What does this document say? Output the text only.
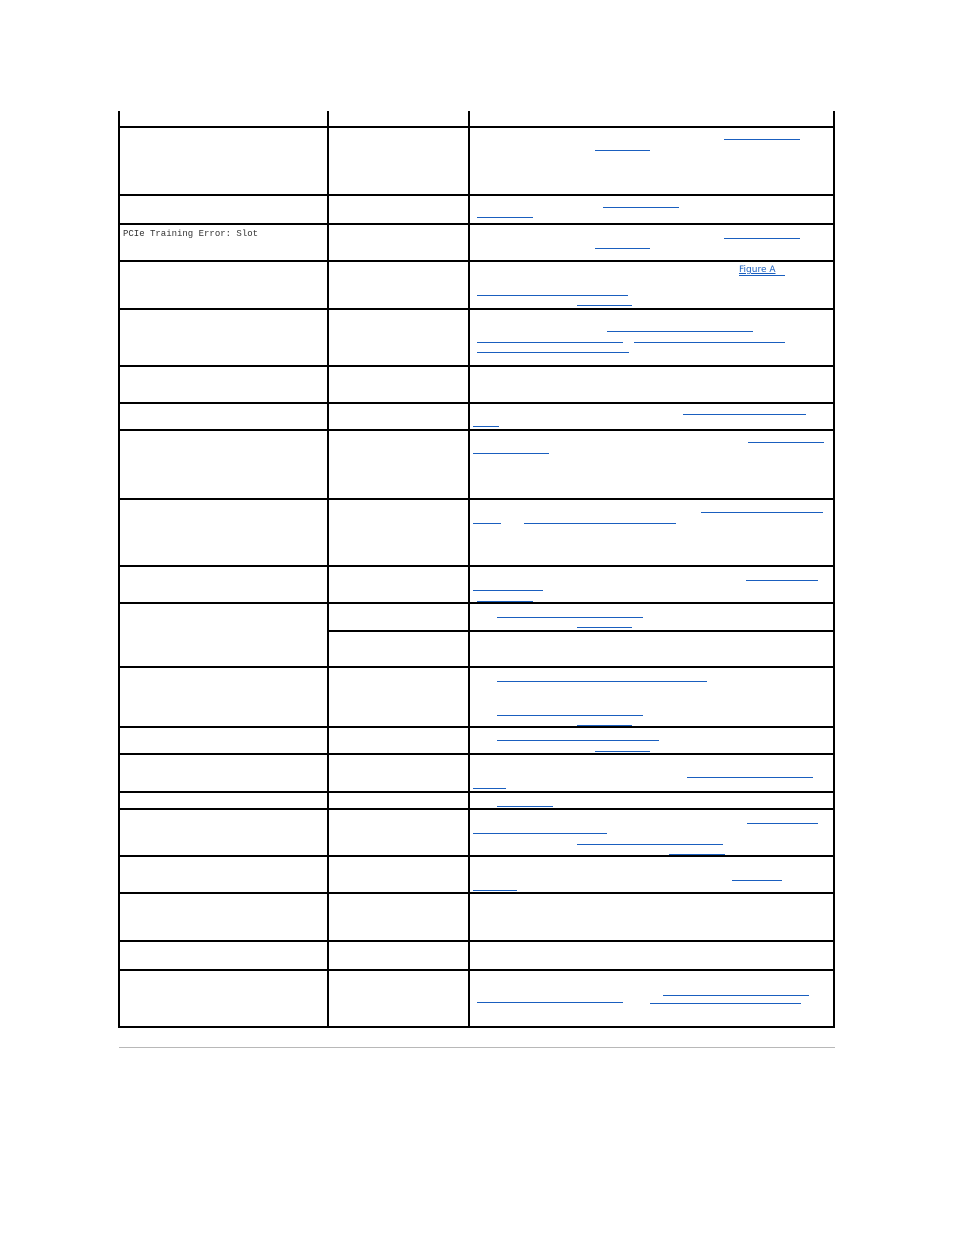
PCIe Training Error: Slot
Figure A
